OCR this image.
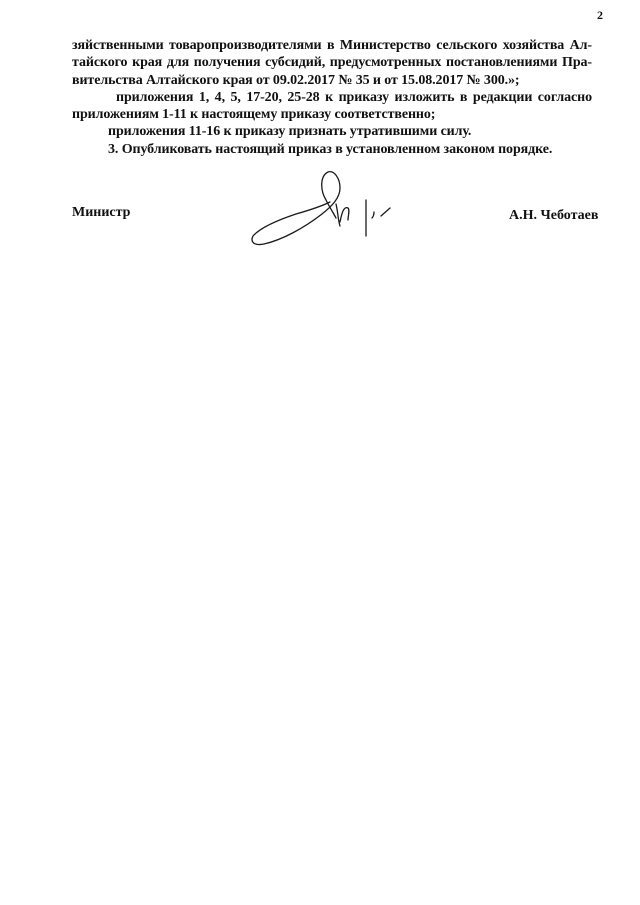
2
зяйственными товаропроизводителями в Министерство сельского хозяйства Ал-
тайского края для получения субсидий, предусмотренных постановлениями Пра-
вительства Алтайского края от 09.02.2017 № 35 и от 15.08.2017 № 300.»;
приложения 1, 4, 5, 17-20, 25-28 к приказу изложить в редакции согласно
приложениям 1-11 к настоящему приказу соответственно;
приложения 11-16 к приказу признать утратившими силу.
3. Опубликовать настоящий приказ в установленном законом порядке.
Министр	А.Н. Чеботаев
